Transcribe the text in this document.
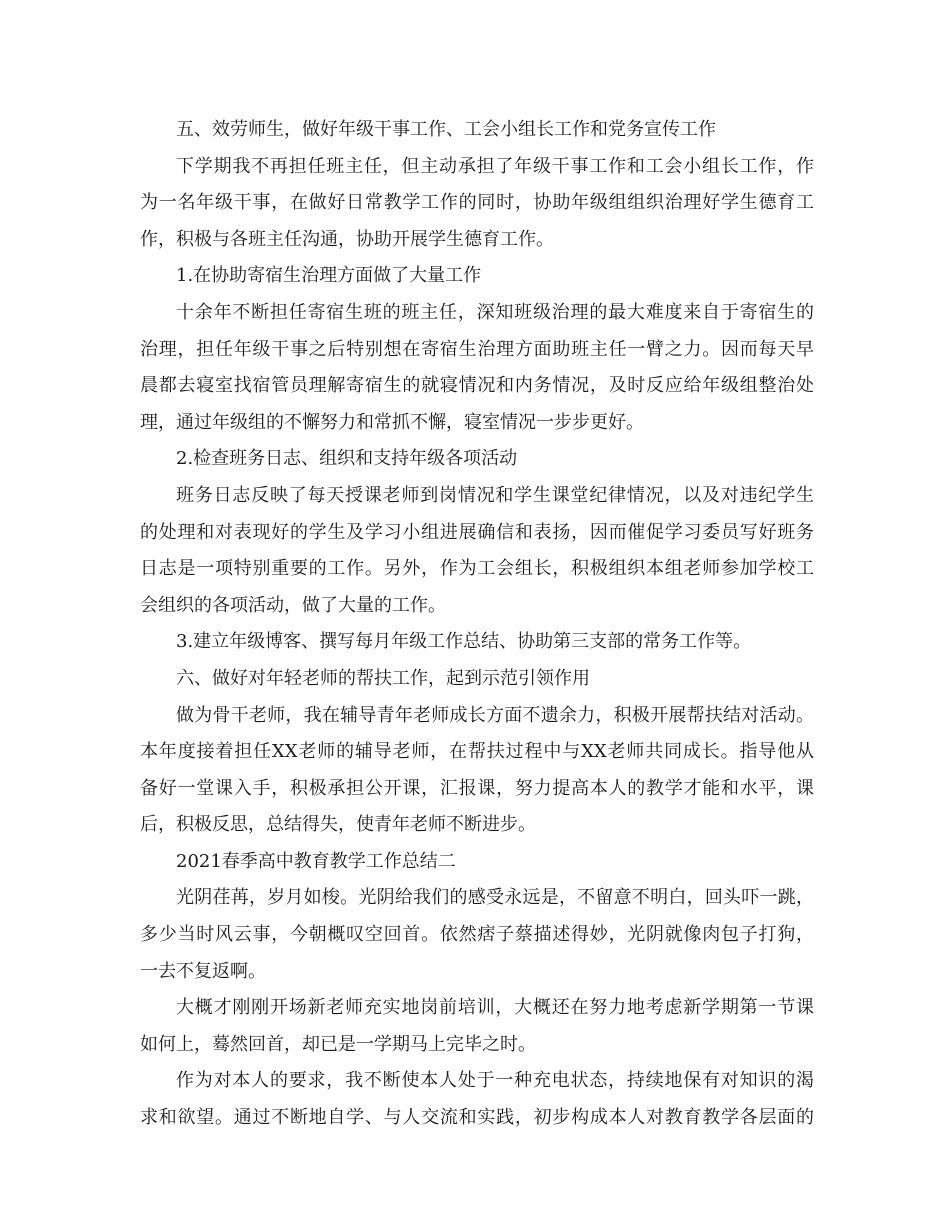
五、效劳师生，做好年级干事工作、工会小组长工作和党务宣传工作
下学期我不再担任班主任，但主动承担了年级干事工作和工会小组长工作，作
为一名年级干事，在做好日常教学工作的同时，协助年级组组织治理好学生德育工
作，积极与各班主任沟通，协助开展学生德育工作。
1.在协助寄宿生治理方面做了大量工作
十余年不断担任寄宿生班的班主任，深知班级治理的最大难度来自于寄宿生的
治理，担任年级干事之后特别想在寄宿生治理方面助班主任一臂之力。因而每天早
晨都去寝室找宿管员理解寄宿生的就寝情况和内务情况，及时反应给年级组整治处
理，通过年级组的不懈努力和常抓不懈，寝室情况一步步更好。
2.检查班务日志、组织和支持年级各项活动
班务日志反映了每天授课老师到岗情况和学生课堂纪律情况，以及对违纪学生
的处理和对表现好的学生及学习小组进展确信和表扬，因而催促学习委员写好班务
日志是一项特别重要的工作。另外，作为工会组长，积极组织本组老师参加学校工
会组织的各项活动，做了大量的工作。
3.建立年级博客、撰写每月年级工作总结、协助第三支部的常务工作等。
六、做好对年轻老师的帮扶工作，起到示范引领作用
做为骨干老师，我在辅导青年老师成长方面不遗余力，积极开展帮扶结对活动。
本年度接着担任XX老师的辅导老师，在帮扶过程中与XX老师共同成长。指导他从
备好一堂课入手，积极承担公开课，汇报课，努力提高本人的教学才能和水平，课
后，积极反思，总结得失，使青年老师不断进步。
2021春季高中教育教学工作总结二
光阴荏苒，岁月如梭。光阴给我们的感受永远是，不留意不明白，回头吓一跳，
多少当时风云事，今朝概叹空回首。依然痞子蔡描述得妙，光阴就像肉包子打狗，
一去不复返啊。
大概才刚刚开场新老师充实地岗前培训，大概还在努力地考虑新学期第一节课
如何上，蓦然回首，却已是一学期马上完毕之时。
作为对本人的要求，我不断使本人处于一种充电状态，持续地保有对知识的渴
求和欲望。通过不断地自学、与人交流和实践，初步构成本人对教育教学各层面的
